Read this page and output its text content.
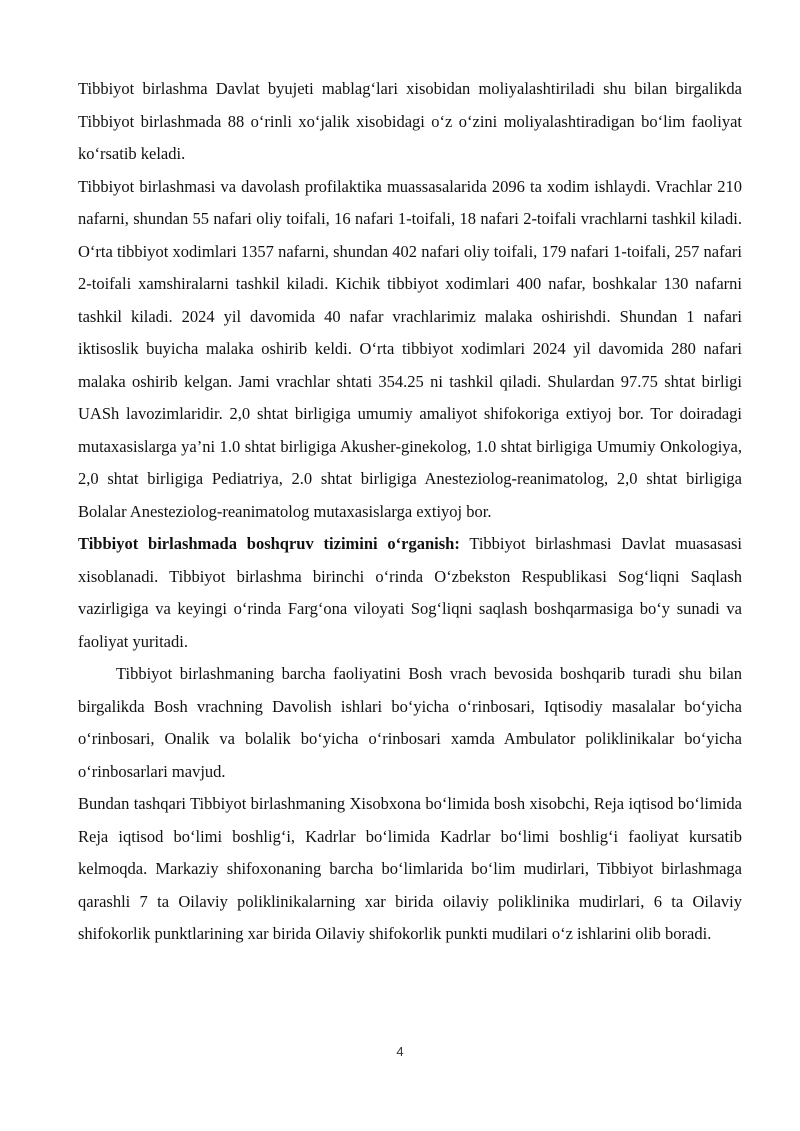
Tibbiyot birlashma Davlat byujeti mablag‘lari xisobidan moliyalashtiriladi shu bilan birgalikda Tibbiyot birlashmada 88 o‘rinli xo‘jalik xisobidagi o‘z o‘zini moliyalashtiradigan bo‘lim faoliyat ko‘rsatib keladi.

Tibbiyot birlashmasi va davolash profilaktika muassasalarida 2096 ta xodim ishlaydi. Vrachlar 210 nafarni, shundan 55 nafari oliy toifali, 16 nafari 1-toifali, 18 nafari 2-toifali vrachlarni tashkil kiladi. O‘rta tibbiyot xodimlari 1357 nafarni, shundan 402 nafari oliy toifali, 179 nafari 1-toifali, 257 nafari 2-toifali xamshiralarni tashkil kiladi. Kichik tibbiyot xodimlari 400 nafar, boshkalar 130 nafarni tashkil kiladi. 2024 yil davomida 40 nafar vrachlarimiz malaka oshirishdi. Shundan 1 nafari iktisoslik buyicha malaka oshirib keldi. O‘rta tibbiyot xodimlari 2024 yil davomida 280 nafari malaka oshirib kelgan. Jami vrachlar shtati 354.25 ni tashkil qiladi. Shulardan 97.75 shtat birligi UASh lavozimlaridir. 2,0 shtat birligiga umumiy amaliyot shifokoriga extiyoj bor. Tor doiradagi mutaxasislarga ya’ni 1.0 shtat birligiga Akusher-ginekolog, 1.0 shtat birligiga Umumiy Onkologiya, 2,0 shtat birligiga Pediatriya, 2.0 shtat birligiga Anesteziolog-reanimatolog, 2,0 shtat birligiga Bolalar Anesteziolog-reanimatolog mutaxasislarga extiyoj bor.

Tibbiyot birlashmada boshqruv tizimini o‘rganish: Tibbiyot birlashmasi Davlat muasasasi xisoblanadi. Tibbiyot birlashma birinchi o‘rinda O‘zbekston Respublikasi Sog‘liqni Saqlash vazirligiga va keyingi o‘rinda Farg‘ona viloyati Sog‘liqni saqlash boshqarmasiga bo‘y sunadi va faoliyat yuritadi.

Tibbiyot birlashmaning barcha faoliyatini Bosh vrach bevosida boshqarib turadi shu bilan birgalikda Bosh vrachning Davolish ishlari bo‘yicha o‘rinbosari, Iqtisodiy masalalar bo‘yicha o‘rinbosari, Onalik va bolalik bo‘yicha o‘rinbosari xamda Ambulator poliklinikalar bo‘yicha o‘rinbosarlari mavjud.

Bundan tashqari Tibbiyot birlashmaning Xisobxona bo‘limida bosh xisobchi, Reja iqtisod bo‘limida Reja iqtisod bo‘limi boshlig‘i, Kadrlar bo‘limida Kadrlar bo‘limi boshlig‘i faoliyat kursatib kelmoqda. Markaziy shifoxonaning barcha bo‘limlarida bo‘lim mudirlari, Tibbiyot birlashmaga qarashli 7 ta Oilaviy poliklinikalarning xar birida oilaviy poliklinika mudirlari, 6 ta Oilaviy shifokorlik punktlarining xar birida Oilaviy shifokorlik punkti mudilari o‘z ishlarini olib boradi.

4
